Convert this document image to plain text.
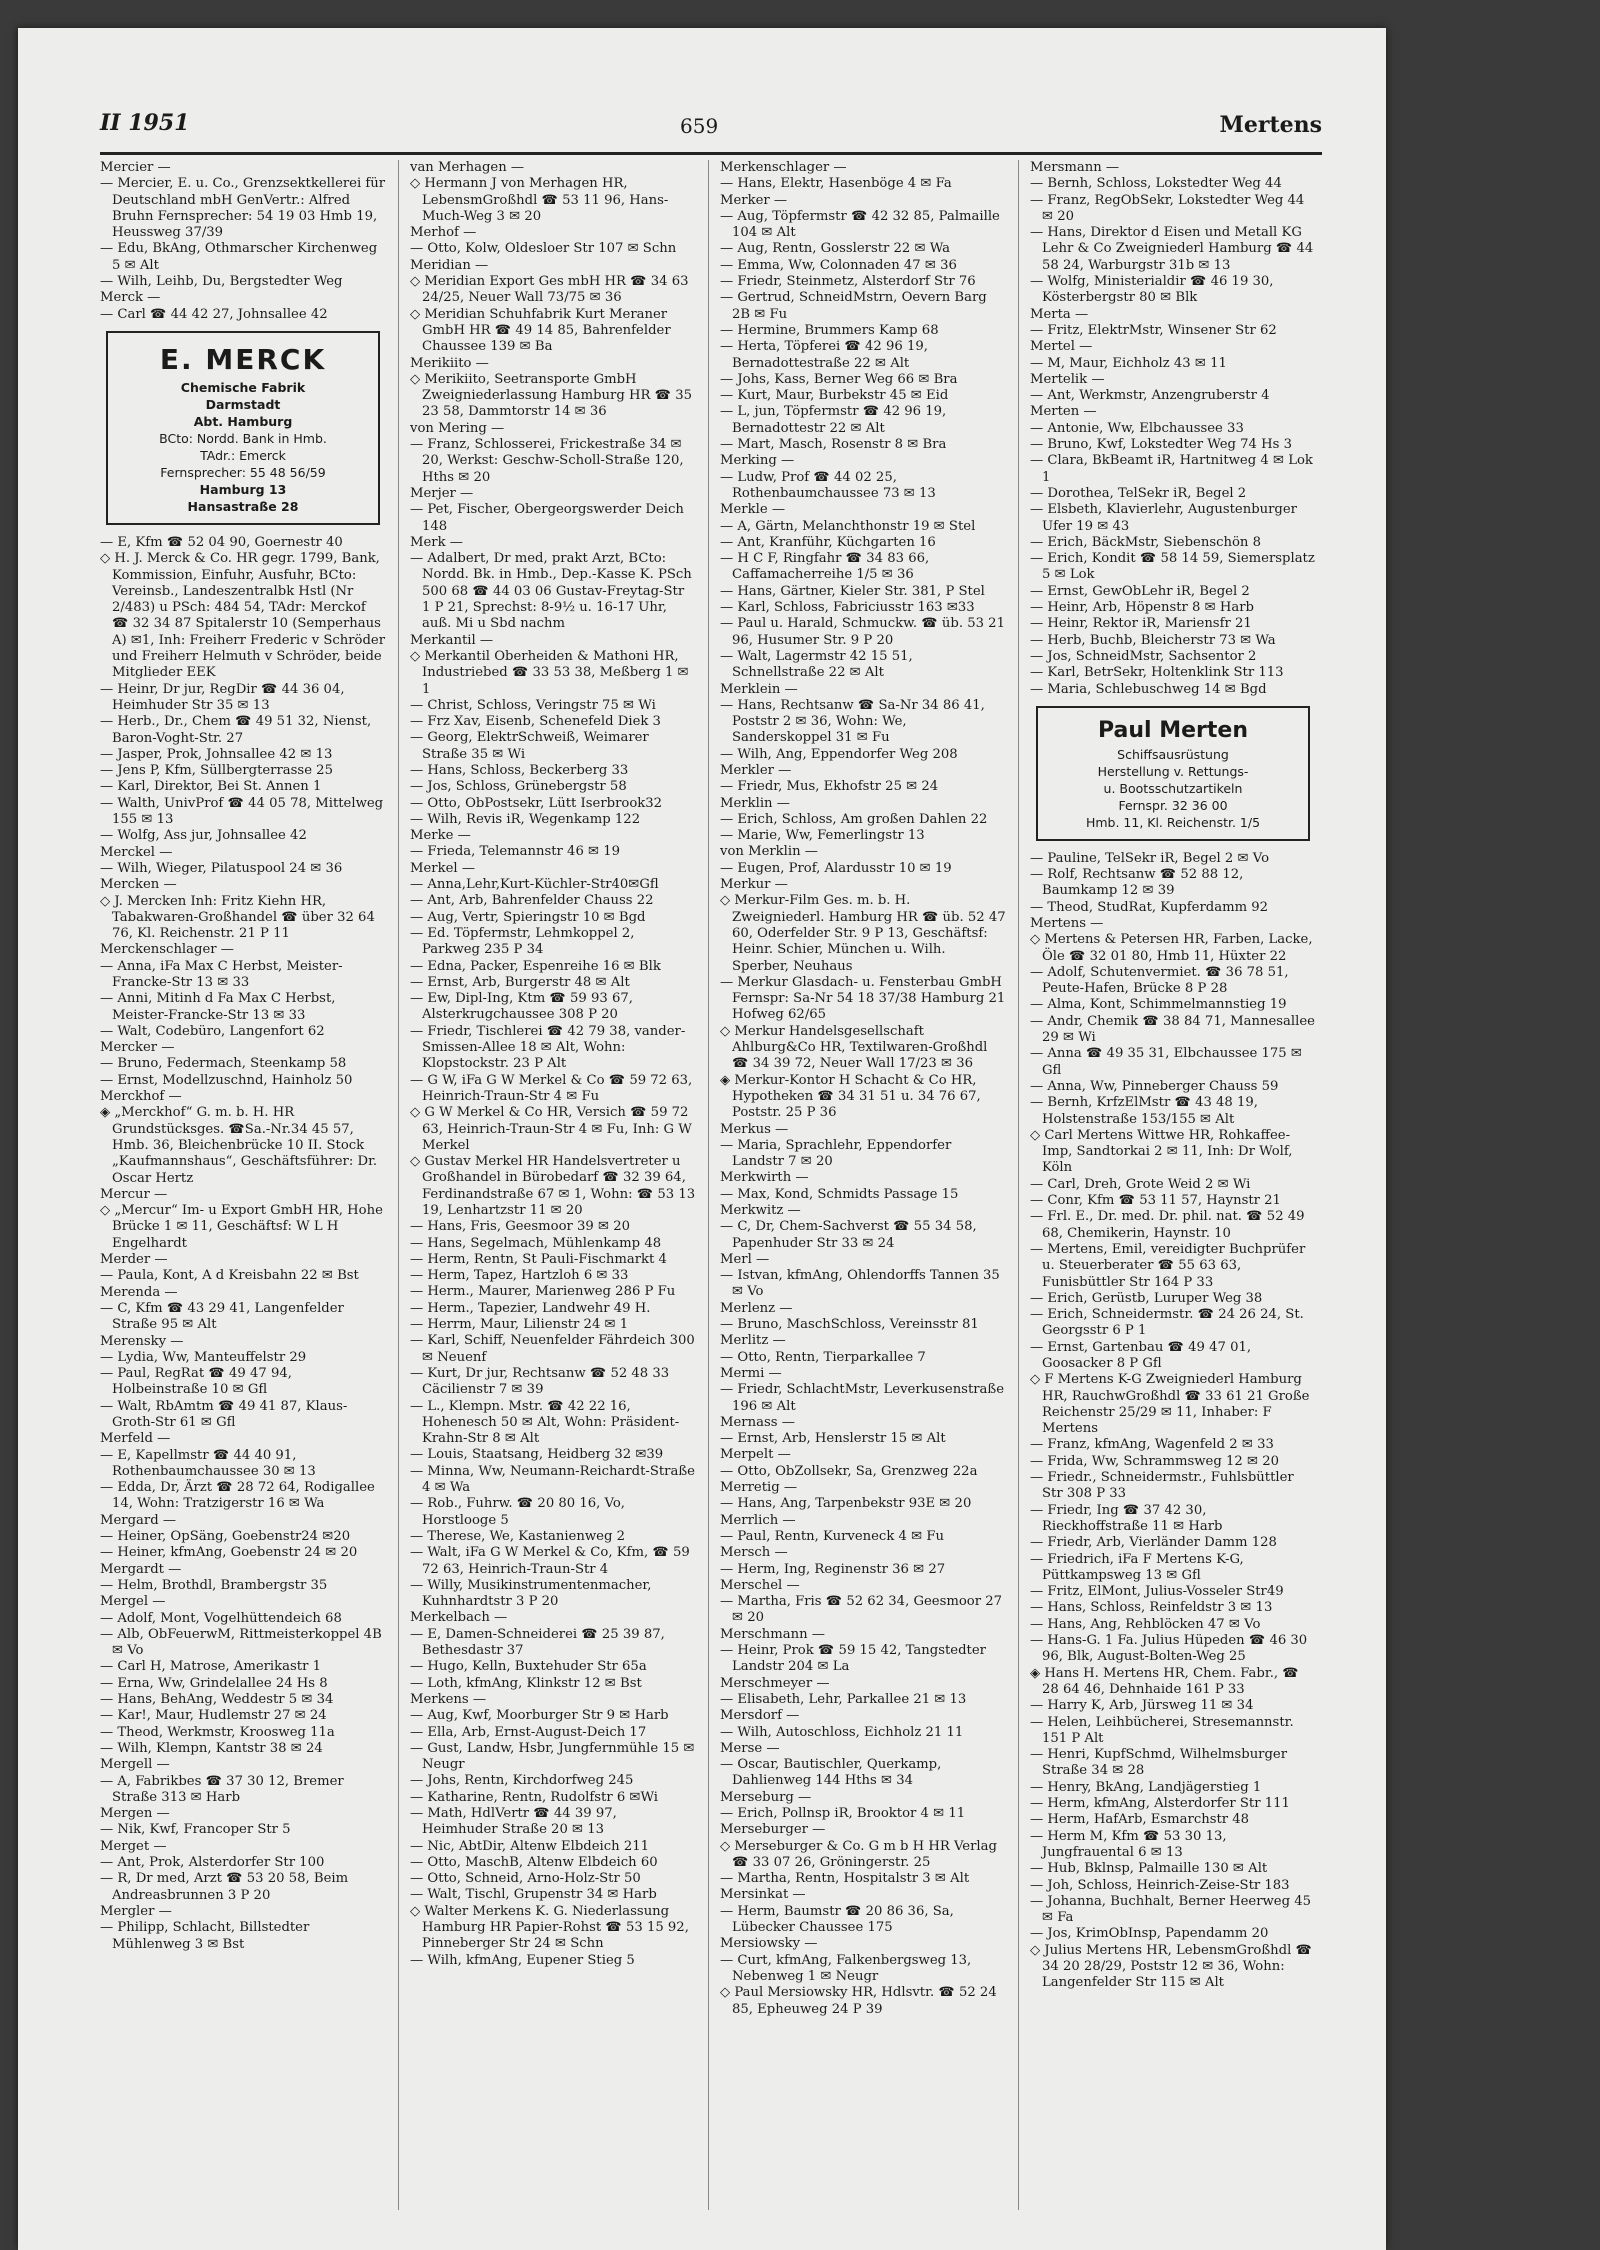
II 1951	659	Mertens

Mercier —

— Mercier, E. u. Co., Grenzsektkellerei für Deutschland mbH GenVertr.: Alfred Bruhn Fernsprecher: 54 19 03 Hmb 19, Heussweg 37/39

— Edu, BkAng, Othmarscher Kirchenweg 5 ✉ Alt

— Wilh, Leihb, Du, Bergstedter Weg

Merck —

— Carl ☎ 44 42 27, Johnsallee 42

E. MERCK
Chemische Fabrik
Darmstadt
Abt. Hamburg
BCto: Nordd. Bank in Hmb.
TAdr.: Emerck
Fernsprecher: 55 48 56/59
Hamburg 13
Hansastraße 28

— E, Kfm ☎ 52 04 90, Goernestr 40

◇ H. J. Merck & Co. HR gegr. 1799, Bank, Kommission, Einfuhr, Ausfuhr, BCto: Vereinsb., Landeszentralbk Hstl (Nr 2/483) u PSch: 484 54, TAdr: Merckof ☎ 32 34 87 Spitalerstr 10 (Semperhaus A) ✉1, Inh: Freiherr Frederic v Schröder und Freiherr Helmuth v Schröder, beide Mitglieder EEK

— Heinr, Dr jur, RegDir ☎ 44 36 04, Heimhuder Str 35 ✉ 13

— Herb., Dr., Chem ☎ 49 51 32, Nienst, Baron-Voght-Str. 27

— Jasper, Prok, Johnsallee 42 ✉ 13

— Jens P, Kfm, Süllbergterrasse 25

— Karl, Direktor, Bei St. Annen 1

— Walth, UnivProf ☎ 44 05 78, Mittelweg 155 ✉ 13

— Wolfg, Ass jur, Johnsallee 42

Merckel —

— Wilh, Wieger, Pilatuspool 24 ✉ 36

Mercken —

◇ J. Mercken Inh: Fritz Kiehn HR, Tabakwaren-Großhandel ☎ über 32 64 76, Kl. Reichenstr. 21 P 11

Merckenschlager —

— Anna, iFa Max C Herbst, Meister-Francke-Str 13 ✉ 33

— Anni, Mitinh d Fa Max C Herbst, Meister-Francke-Str 13 ✉ 33

— Walt, Codebüro, Langenfort 62

Mercker —

— Bruno, Federmach, Steenkamp 58

— Ernst, Modellzuschnd, Hainholz 50

Merckhof —

◈ „Merckhof“ G. m. b. H. HR Grundstücksges. ☎Sa.-Nr.34 45 57, Hmb. 36, Bleichenbrücke 10 II. Stock „Kaufmannshaus“, Geschäftsführer: Dr. Oscar Hertz

Mercur —

◇ „Mercur“ Im- u Export GmbH HR, Hohe Brücke 1 ✉ 11, Geschäftsf: W L H Engelhardt

Merder —

— Paula, Kont, A d Kreisbahn 22 ✉ Bst

Merenda —

— C, Kfm ☎ 43 29 41, Langenfelder Straße 95 ✉ Alt

Merensky —

— Lydia, Ww, Manteuffelstr 29

— Paul, RegRat ☎ 49 47 94, Holbeinstraße 10 ✉ Gfl

— Walt, RbAmtm ☎ 49 41 87, Klaus-Groth-Str 61 ✉ Gfl

Merfeld —

— E, Kapellmstr ☎ 44 40 91, Rothenbaumchaussee 30 ✉ 13

— Edda, Dr, Ärzt ☎ 28 72 64, Rodigallee 14, Wohn: Tratzigerstr 16 ✉ Wa

Mergard —

— Heiner, OpSäng, Goebenstr24 ✉20

— Heiner, kfmAng, Goebenstr 24 ✉ 20

Mergardt —

— Helm, Brothdl, Brambergstr 35

Mergel —

— Adolf, Mont, Vogelhüttendeich 68

— Alb, ObFeuerwM, Rittmeisterkoppel 4B ✉ Vo

— Carl H, Matrose, Amerikastr 1

— Erna, Ww, Grindelallee 24 Hs 8

— Hans, BehAng, Weddestr 5 ✉ 34

— Kar!, Maur, Hudlemstr 27 ✉ 24

— Theod, Werkmstr, Kroosweg 11a

— Wilh, Klempn, Kantstr 38 ✉ 24

Mergell —

— A, Fabrikbes ☎ 37 30 12, Bremer Straße 313 ✉ Harb

Mergen —

— Nik, Kwf, Francoper Str 5

Merget —

— Ant, Prok, Alsterdorfer Str 100

— R, Dr med, Arzt ☎ 53 20 58, Beim Andreasbrunnen 3 P 20

Mergler —

— Philipp, Schlacht, Billstedter Mühlenweg 3 ✉ Bst

van Merhagen —

◇ Hermann J von Merhagen HR, LebensmGroßhdl ☎ 53 11 96, Hans-Much-Weg 3 ✉ 20

Merhof —

— Otto, Kolw, Oldesloer Str 107 ✉ Schn

Meridian —

◇ Meridian Export Ges mbH HR ☎ 34 63 24/25, Neuer Wall 73/75 ✉ 36

◇ Meridian Schuhfabrik Kurt Meraner GmbH HR ☎ 49 14 85, Bahrenfelder Chaussee 139 ✉ Ba

Merikiito —

◇ Merikiito, Seetransporte GmbH Zweigniederlassung Hamburg HR ☎ 35 23 58, Dammtorstr 14 ✉ 36

von Mering —

— Franz, Schlosserei, Frickestraße 34 ✉ 20, Werkst: Geschw-Scholl-Straße 120, Hths ✉ 20

Merjer —

— Pet, Fischer, Obergeorgswerder Deich 148

Merk —

— Adalbert, Dr med, prakt Arzt, BCto: Nordd. Bk. in Hmb., Dep.-Kasse K. PSch 500 68 ☎ 44 03 06 Gustav-Freytag-Str 1 P 21, Sprechst: 8-9½ u. 16-17 Uhr, auß. Mi u Sbd nachm

Merkantil —

◇ Merkantil Oberheiden & Mathoni HR, Industriebed ☎ 33 53 38, Meßberg 1 ✉ 1

— Christ, Schloss, Veringstr 75 ✉ Wi

— Frz Xav, Eisenb, Schenefeld Diek 3

— Georg, ElektrSchweiß, Weimarer Straße 35 ✉ Wi

— Hans, Schloss, Beckerberg 33

— Jos, Schloss, Grünebergstr 58

— Otto, ObPostsekr, Lütt Iserbrook32

— Wilh, Revis iR, Wegenkamp 122

Merke —

— Frieda, Telemannstr 46 ✉ 19

Merkel —

— Anna,Lehr,Kurt-Küchler-Str40✉Gfl

— Ant, Arb, Bahrenfelder Chauss 22

— Aug, Vertr, Spieringstr 10 ✉ Bgd

— Ed. Töpfermstr, Lehmkoppel 2, Parkweg 235 P 34

— Edna, Packer, Espenreihe 16 ✉ Blk

— Ernst, Arb, Burgerstr 48 ✉ Alt

— Ew, Dipl-Ing, Ktm ☎ 59 93 67, Alsterkrugchaussee 308 P 20

— Friedr, Tischlerei ☎ 42 79 38, vander-Smissen-Allee 18 ✉ Alt, Wohn: Klopstockstr. 23 P Alt

— G W, iFa G W Merkel & Co ☎ 59 72 63, Heinrich-Traun-Str 4 ✉ Fu

◇ G W Merkel & Co HR, Versich ☎ 59 72 63, Heinrich-Traun-Str 4 ✉ Fu, Inh: G W Merkel

◇ Gustav Merkel HR Handelsvertreter u Großhandel in Bürobedarf ☎ 32 39 64, Ferdinandstraße 67 ✉ 1, Wohn: ☎ 53 13 19, Lenhartzstr 11 ✉ 20

— Hans, Fris, Geesmoor 39 ✉ 20

— Hans, Segelmach, Mühlenkamp 48

— Herm, Rentn, St Pauli-Fischmarkt 4

— Herm, Tapez, Hartzloh 6 ✉ 33

— Herm., Maurer, Marienweg 286 P Fu

— Herm., Tapezier, Landwehr 49 H.

— Herrm, Maur, Lilienstr 24 ✉ 1

— Karl, Schiff, Neuenfelder Fährdeich 300 ✉ Neuenf

— Kurt, Dr jur, Rechtsanw ☎ 52 48 33 Cäcilienstr 7 ✉ 39

— L., Klempn. Mstr. ☎ 42 22 16, Hohenesch 50 ✉ Alt, Wohn: Präsident-Krahn-Str 8 ✉ Alt

— Louis, Staatsang, Heidberg 32 ✉39

— Minna, Ww, Neumann-Reichardt-Straße 4 ✉ Wa

— Rob., Fuhrw. ☎ 20 80 16, Vo, Horstlooge 5

— Therese, We, Kastanienweg 2

— Walt, iFa G W Merkel & Co, Kfm, ☎ 59 72 63, Heinrich-Traun-Str 4

— Willy, Musikinstrumentenmacher, Kuhnhardtstr 3 P 20

Merkelbach —

— E, Damen-Schneiderei ☎ 25 39 87, Bethesdastr 37

— Hugo, Kelln, Buxtehuder Str 65a

— Loth, kfmAng, Klinkstr 12 ✉ Bst

Merkens —

— Aug, Kwf, Moorburger Str 9 ✉ Harb

— Ella, Arb, Ernst-August-Deich 17

— Gust, Landw, Hsbr, Jungfernmühle 15 ✉ Neugr

— Johs, Rentn, Kirchdorfweg 245

— Katharine, Rentn, Rudolfstr 6 ✉Wi

— Math, HdlVertr ☎ 44 39 97, Heimhuder Straße 20 ✉ 13

— Nic, AbtDir, Altenw Elbdeich 211

— Otto, MaschB, Altenw Elbdeich 60

— Otto, Schneid, Arno-Holz-Str 50

— Walt, Tischl, Grupenstr 34 ✉ Harb

◇ Walter Merkens K. G. Niederlassung Hamburg HR Papier-Rohst ☎ 53 15 92, Pinneberger Str 24 ✉ Schn

— Wilh, kfmAng, Eupener Stieg 5

Merkenschlager —

— Hans, Elektr, Hasenböge 4 ✉ Fa

Merker —

— Aug, Töpfermstr ☎ 42 32 85, Palmaille 104 ✉ Alt

— Aug, Rentn, Gosslerstr 22 ✉ Wa

— Emma, Ww, Colonnaden 47 ✉ 36

— Friedr, Steinmetz, Alsterdorf Str 76

— Gertrud, SchneidMstrn, Oevern Barg 2B ✉ Fu

— Hermine, Brummers Kamp 68

— Herta, Töpferei ☎ 42 96 19, Bernadottestraße 22 ✉ Alt

— Johs, Kass, Berner Weg 66 ✉ Bra

— Kurt, Maur, Burbekstr 45 ✉ Eid

— L, jun, Töpfermstr ☎ 42 96 19, Bernadottestr 22 ✉ Alt

— Mart, Masch, Rosenstr 8 ✉ Bra

Merking —

— Ludw, Prof ☎ 44 02 25, Rothenbaumchaussee 73 ✉ 13

Merkle —

— A, Gärtn, Melanchthonstr 19 ✉ Stel

— Ant, Kranführ, Küchgarten 16

— H C F, Ringfahr ☎ 34 83 66, Caffamacherreihe 1/5 ✉ 36

— Hans, Gärtner, Kieler Str. 381, P Stel

— Karl, Schloss, Fabriciusstr 163 ✉33

— Paul u. Harald, Schmuckw. ☎ üb. 53 21 96, Husumer Str. 9 P 20

— Walt, Lagermstr 42 15 51, Schnellstraße 22 ✉ Alt

Merklein —

— Hans, Rechtsanw ☎ Sa-Nr 34 86 41, Poststr 2 ✉ 36, Wohn: We, Sanderskoppel 31 ✉ Fu

— Wilh, Ang, Eppendorfer Weg 208

Merkler —

— Friedr, Mus, Ekhofstr 25 ✉ 24

Merklin —

— Erich, Schloss, Am großen Dahlen 22

— Marie, Ww, Femerlingstr 13

von Merklin —

— Eugen, Prof, Alardusstr 10 ✉ 19

Merkur —

◇ Merkur-Film Ges. m. b. H. Zweigniederl. Hamburg HR ☎ üb. 52 47 60, Oderfelder Str. 9 P 13, Geschäftsf: Heinr. Schier, München u. Wilh. Sperber, Neuhaus

— Merkur Glasdach- u. Fensterbau GmbH Fernspr: Sa-Nr 54 18 37/38 Hamburg 21 Hofweg 62/65

◇ Merkur Handelsgesellschaft Ahlburg&Co HR, Textilwaren-Großhdl ☎ 34 39 72, Neuer Wall 17/23 ✉ 36

◈ Merkur-Kontor H Schacht & Co HR, Hypotheken ☎ 34 31 51 u. 34 76 67, Poststr. 25 P 36

Merkus —

— Maria, Sprachlehr, Eppendorfer Landstr 7 ✉ 20

Merkwirth —

— Max, Kond, Schmidts Passage 15

Merkwitz —

— C, Dr, Chem-Sachverst ☎ 55 34 58, Papenhuder Str 33 ✉ 24

Merl —

— Istvan, kfmAng, Ohlendorffs Tannen 35 ✉ Vo

Merlenz —

— Bruno, MaschSchloss, Vereinsstr 81

Merlitz —

— Otto, Rentn, Tierparkallee 7

Mermi —

— Friedr, SchlachtMstr, Leverkusenstraße 196 ✉ Alt

Mernass —

— Ernst, Arb, Henslerstr 15 ✉ Alt

Merpelt —

— Otto, ObZollsekr, Sa, Grenzweg 22a

Merretig —

— Hans, Ang, Tarpenbekstr 93E ✉ 20

Merrlich —

— Paul, Rentn, Kurveneck 4 ✉ Fu

Mersch —

— Herm, Ing, Reginenstr 36 ✉ 27

Merschel —

— Martha, Fris ☎ 52 62 34, Geesmoor 27 ✉ 20

Merschmann —

— Heinr, Prok ☎ 59 15 42, Tangstedter Landstr 204 ✉ La

Merschmeyer —

— Elisabeth, Lehr, Parkallee 21 ✉ 13

Mersdorf —

— Wilh, Autoschloss, Eichholz 21 11

Merse —

— Oscar, Bautischler, Querkamp, Dahlienweg 144 Hths ✉ 34

Merseburg —

— Erich, Pollnsp iR, Brooktor 4 ✉ 11

Merseburger —

◇ Merseburger & Co. G m b H HR Verlag ☎ 33 07 26, Gröningerstr. 25

— Martha, Rentn, Hospitalstr 3 ✉ Alt

Mersinkat —

— Herm, Baumstr ☎ 20 86 36, Sa, Lübecker Chaussee 175

Mersiowsky —

— Curt, kfmAng, Falkenbergsweg 13, Nebenweg 1 ✉ Neugr

◇ Paul Mersiowsky HR, Hdlsvtr. ☎ 52 24 85, Epheuweg 24 P 39

Mersmann —

— Bernh, Schloss, Lokstedter Weg 44

— Franz, RegObSekr, Lokstedter Weg 44 ✉ 20

— Hans, Direktor d Eisen und Metall KG Lehr & Co Zweigniederl Hamburg ☎ 44 58 24, Warburgstr 31b ✉ 13

— Wolfg, Ministerialdir ☎ 46 19 30, Kösterbergstr 80 ✉ Blk

Merta —

— Fritz, ElektrMstr, Winsener Str 62

Mertel —

— M, Maur, Eichholz 43 ✉ 11

Mertelik —

— Ant, Werkmstr, Anzengruberstr 4

Merten —

— Antonie, Ww, Elbchaussee 33

— Bruno, Kwf, Lokstedter Weg 74 Hs 3

— Clara, BkBeamt iR, Hartnitweg 4 ✉ Lok 1

— Dorothea, TelSekr iR, Begel 2

— Elsbeth, Klavierlehr, Augustenburger Ufer 19 ✉ 43

— Erich, BäckMstr, Siebenschön 8

— Erich, Kondit ☎ 58 14 59, Siemersplatz 5 ✉ Lok

— Ernst, GewObLehr iR, Begel 2

— Heinr, Arb, Höpenstr 8 ✉ Harb

— Heinr, Rektor iR, Mariensfr 21

— Herb, Buchb, Bleicherstr 73 ✉ Wa

— Jos, SchneidMstr, Sachsentor 2

— Karl, BetrSekr, Holtenklink Str 113

— Maria, Schlebuschweg 14 ✉ Bgd

Paul Merten
Schiffsausrüstung
Herstellung v. Rettungs-
u. Bootsschutzartikeln
Fernspr. 32 36 00
Hmb. 11, Kl. Reichenstr. 1/5

— Pauline, TelSekr iR, Begel 2 ✉ Vo

— Rolf, Rechtsanw ☎ 52 88 12, Baumkamp 12 ✉ 39

— Theod, StudRat, Kupferdamm 92

Mertens —

◇ Mertens & Petersen HR, Farben, Lacke, Öle ☎ 32 01 80, Hmb 11, Hüxter 22

— Adolf, Schutenvermiet. ☎ 36 78 51, Peute-Hafen, Brücke 8 P 28

— Alma, Kont, Schimmelmannstieg 19

— Andr, Chemik ☎ 38 84 71, Mannesallee 29 ✉ Wi

— Anna ☎ 49 35 31, Elbchaussee 175 ✉ Gfl

— Anna, Ww, Pinneberger Chauss 59

— Bernh, KrfzElMstr ☎ 43 48 19, Holstenstraße 153/155 ✉ Alt

◇ Carl Mertens Wittwe HR, Rohkaffee-Imp, Sandtorkai 2 ✉ 11, Inh: Dr Wolf, Köln

— Carl, Dreh, Grote Weid 2 ✉ Wi

— Conr, Kfm ☎ 53 11 57, Haynstr 21

— Frl. E., Dr. med. Dr. phil. nat. ☎ 52 49 68, Chemikerin, Haynstr. 10

— Mertens, Emil, vereidigter Buchprüfer u. Steuerberater ☎ 55 63 63, Funisbüttler Str 164 P 33

— Erich, Gerüstb, Luruper Weg 38

— Erich, Schneidermstr. ☎ 24 26 24, St. Georgsstr 6 P 1

— Ernst, Gartenbau ☎ 49 47 01, Goosacker 8 P Gfl

◇ F Mertens K-G Zweigniederl Hamburg HR, RauchwGroßhdl ☎ 33 61 21 Große Reichenstr 25/29 ✉ 11, Inhaber: F Mertens

— Franz, kfmAng, Wagenfeld 2 ✉ 33

— Frida, Ww, Schrammsweg 12 ✉ 20

— Friedr., Schneidermstr., Fuhlsbüttler Str 308 P 33

— Friedr, Ing ☎ 37 42 30, Rieckhoffstraße 11 ✉ Harb

— Friedr, Arb, Vierländer Damm 128

— Friedrich, iFa F Mertens K-G, Püttkampsweg 13 ✉ Gfl

— Fritz, ElMont, Julius-Vosseler Str49

— Hans, Schloss, Reinfeldstr 3 ✉ 13

— Hans, Ang, Rehblöcken 47 ✉ Vo

— Hans-G. 1 Fa. Julius Hüpeden ☎ 46 30 96, Blk, August-Bolten-Weg 25

◈ Hans H. Mertens HR, Chem. Fabr., ☎ 28 64 46, Dehnhaide 161 P 33

— Harry K, Arb, Jürsweg 11 ✉ 34

— Helen, Leihbücherei, Stresemannstr. 151 P Alt

— Henri, KupfSchmd, Wilhelmsburger Straße 34 ✉ 28

— Henry, BkAng, Landjägerstieg 1

— Herm, kfmAng, Alsterdorfer Str 111

— Herm, HafArb, Esmarchstr 48

— Herm M, Kfm ☎ 53 30 13, Jungfrauental 6 ✉ 13

— Hub, Bklnsp, Palmaille 130 ✉ Alt

— Joh, Schloss, Heinrich-Zeise-Str 183

— Johanna, Buchhalt, Berner Heerweg 45 ✉ Fa

— Jos, KrimObInsp, Papendamm 20

◇ Julius Mertens HR, LebensmGroßhdl ☎ 34 20 28/29, Poststr 12 ✉ 36, Wohn: Langenfelder Str 115 ✉ Alt
